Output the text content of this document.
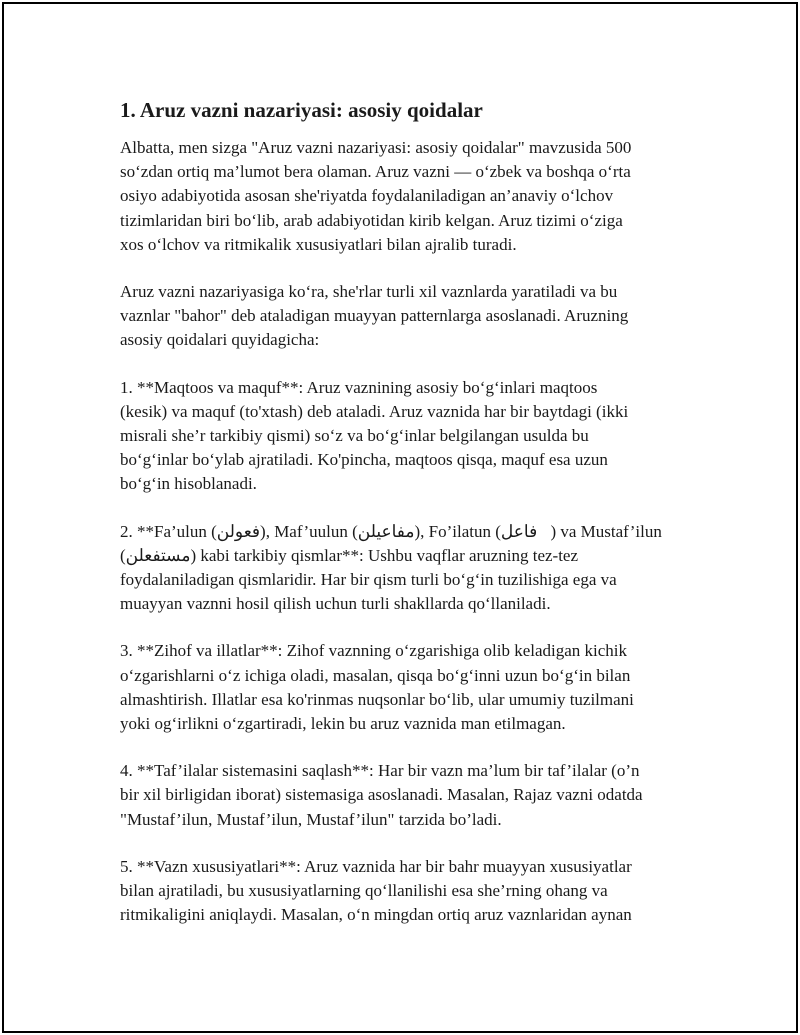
1. Aruz vazni nazariyasi: asosiy qoidalar

Albatta, men sizga "Aruz vazni nazariyasi: asosiy qoidalar" mavzusida 500
so‘zdan ortiq ma’lumot bera olaman. Aruz vazni — o‘zbek va boshqa o‘rta
osiyo adabiyotida asosan she'riyatda foydalaniladigan an’anaviy o‘lchov
tizimlaridan biri bo‘lib, arab adabiyotidan kirib kelgan. Aruz tizimi o‘ziga
xos o‘lchov va ritmikalik xususiyatlari bilan ajralib turadi.

Aruz vazni nazariyasiga ko‘ra, she'rlar turli xil vaznlarda yaratiladi va bu
vaznlar "bahor" deb ataladigan muayyan patternlarga asoslanadi. Aruzning
asosiy qoidalari quyidagicha:

1. **Maqtoos va maquf**: Aruz vaznining asosiy bo‘g‘inlari maqtoos
(kesik) va maquf (to'xtash) deb ataladi. Aruz vaznida har bir baytdagi (ikki
misrali she’r tarkibiy qismi) so‘z va bo‘g‘inlar belgilangan usulda bu
bo‘g‘inlar bo‘ylab ajratiladi. Ko'pincha, maqtoos qisqa, maquf esa uzun
bo‘g‘in hisoblanadi.

2. **Fa’ulun (فعولن), Maf’uulun (مفاعيلن), Fo’ilatun (فاعل ) va Mustaf’ilun
(مستفعلن) kabi tarkibiy qismlar**: Ushbu vaqflar aruzning tez-tez
foydalaniladigan qismlaridir. Har bir qism turli bo‘g‘in tuzilishiga ega va
muayyan vaznni hosil qilish uchun turli shakllarda qo‘llaniladi.

3. **Zihof va illatlar**: Zihof vaznning o‘zgarishiga olib keladigan kichik
o‘zgarishlarni o‘z ichiga oladi, masalan, qisqa bo‘g‘inni uzun bo‘g‘in bilan
almashtirish. Illatlar esa ko'rinmas nuqsonlar bo‘lib, ular umumiy tuzilmani
yoki og‘irlikni o‘zgartiradi, lekin bu aruz vaznida man etilmagan.

4. **Taf’ilalar sistemasini saqlash**: Har bir vazn ma’lum bir taf’ilalar (o’n
bir xil birligidan iborat) sistemasiga asoslanadi. Masalan, Rajaz vazni odatda
"Mustaf’ilun, Mustaf’ilun, Mustaf’ilun" tarzida bo’ladi.

5. **Vazn xususiyatlari**: Aruz vaznida har bir bahr muayyan xususiyatlar
bilan ajratiladi, bu xususiyatlarning qo‘llanilishi esa she’rning ohang va
ritmikaligini aniqlaydi. Masalan, o‘n mingdan ortiq aruz vaznlaridan aynan
